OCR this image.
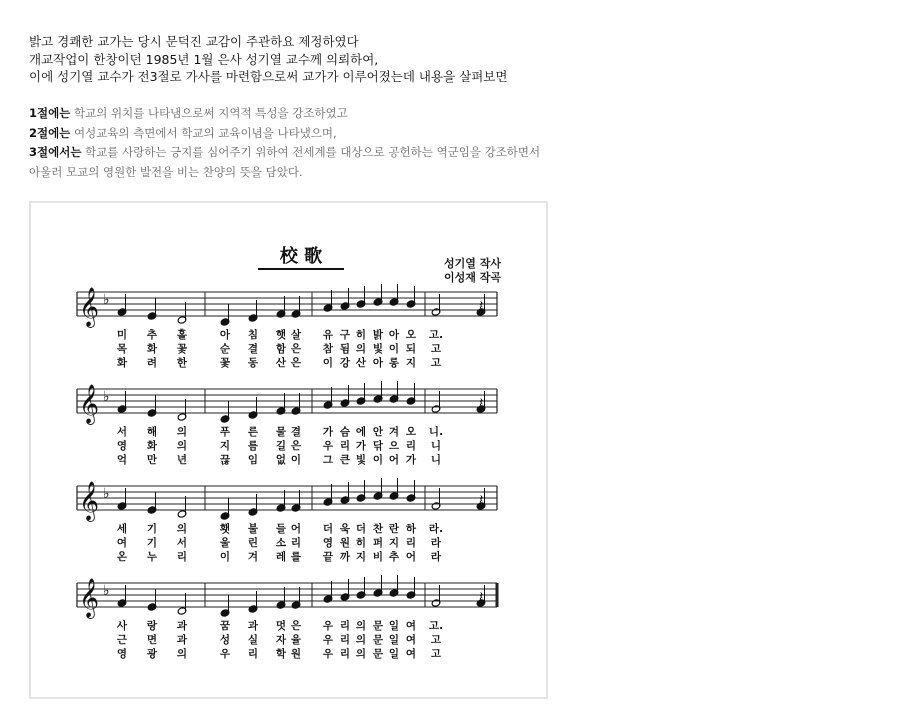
밝고 경쾌한 교가는 당시 문덕진 교감이 주관하요 제정하였다

개교작업이 한창이던 1985년 1월 은사 성기열 교수께 의뢰하여,

이에 성기열 교수가 전3절로 가사를 마련함으로써 교가가 이루어졌는데 내용을 살펴보면

1절에는 학교의 위치를 나타냄으로써 지역적 특성을 강조하였고

2절에는 여성교육의 측면에서 학교의 교육이념을 나타냈으며,

3절에서는 학교를 사랑하는 긍지를 심어주기 위하여 전세계를 대상으로 공헌하는 역군임을 강조하면서

아울러 모교의 영원한 발전을 비는 찬양의 뜻을 담았다.

校 歌	성기열 작사
이성재 작곡
𝄞 ♭	𝄽
미 추 홀	아 침 햇 살 유 구 히 밝 아 오 고.
목 화 꽃	순 결 함 은 참 됨 의 빛 이 되 고
화 려 한	꽃 동 산 은 이 강 산 아 롱 지 고
𝄞 ♭	𝄽
서 해 의	푸 른 물 결 가 슴 에 안 겨 오 니.
영 화 의	지 름 길 은 우 리 가 닦 으 리 니
억 만 년	끊 임 없 이 그 큰 빛 이 어 가 니
𝄞 ♭	𝄽
세 기 의	횃 불 들 어 더 욱 더 찬 란 하 라.
여 기 서	울 린 소 리 영 원 히 퍼 지 리 라
온 누 리	이 겨 레 를 끝 까 지 비 추 어 라
𝄞 ♭	𝄽
사 랑 과	꿈 과 멋 은 우 리 의 문 일 여 고.
근 면 과	성 실 자 율 우 리 의 문 일 여 고
영 광 의	우 리 학 원 우 리 의 문 일 여 고
